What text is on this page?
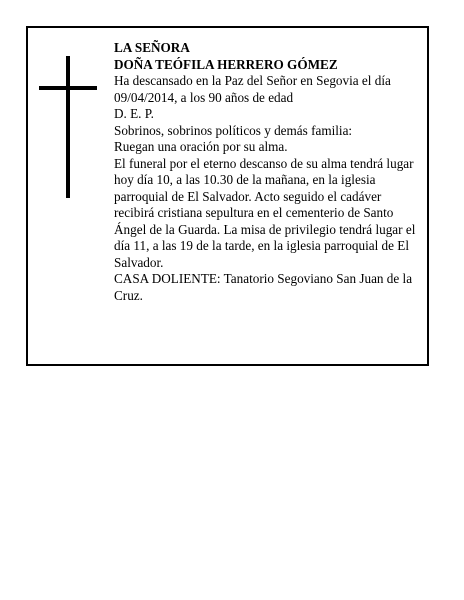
LA SEÑORA

DOÑA TEÓFILA HERRERO GÓMEZ

Ha descansado en la Paz del Señor en Segovia el día 09/04/2014, a los 90 años de edad

D. E. P.

Sobrinos, sobrinos políticos y demás familia:

Ruegan una oración por su alma.

El funeral por el eterno descanso de su alma tendrá lugar hoy día 10, a las 10.30 de la mañana, en la iglesia parroquial de El Salvador. Acto seguido el cadáver recibirá cristiana sepultura en el cementerio de Santo Ángel de la Guarda. La misa de privilegio tendrá lugar el día 11, a las 19 de la tarde, en la iglesia parroquial de El Salvador.

CASA DOLIENTE: Tanatorio Segoviano San Juan de la Cruz.
